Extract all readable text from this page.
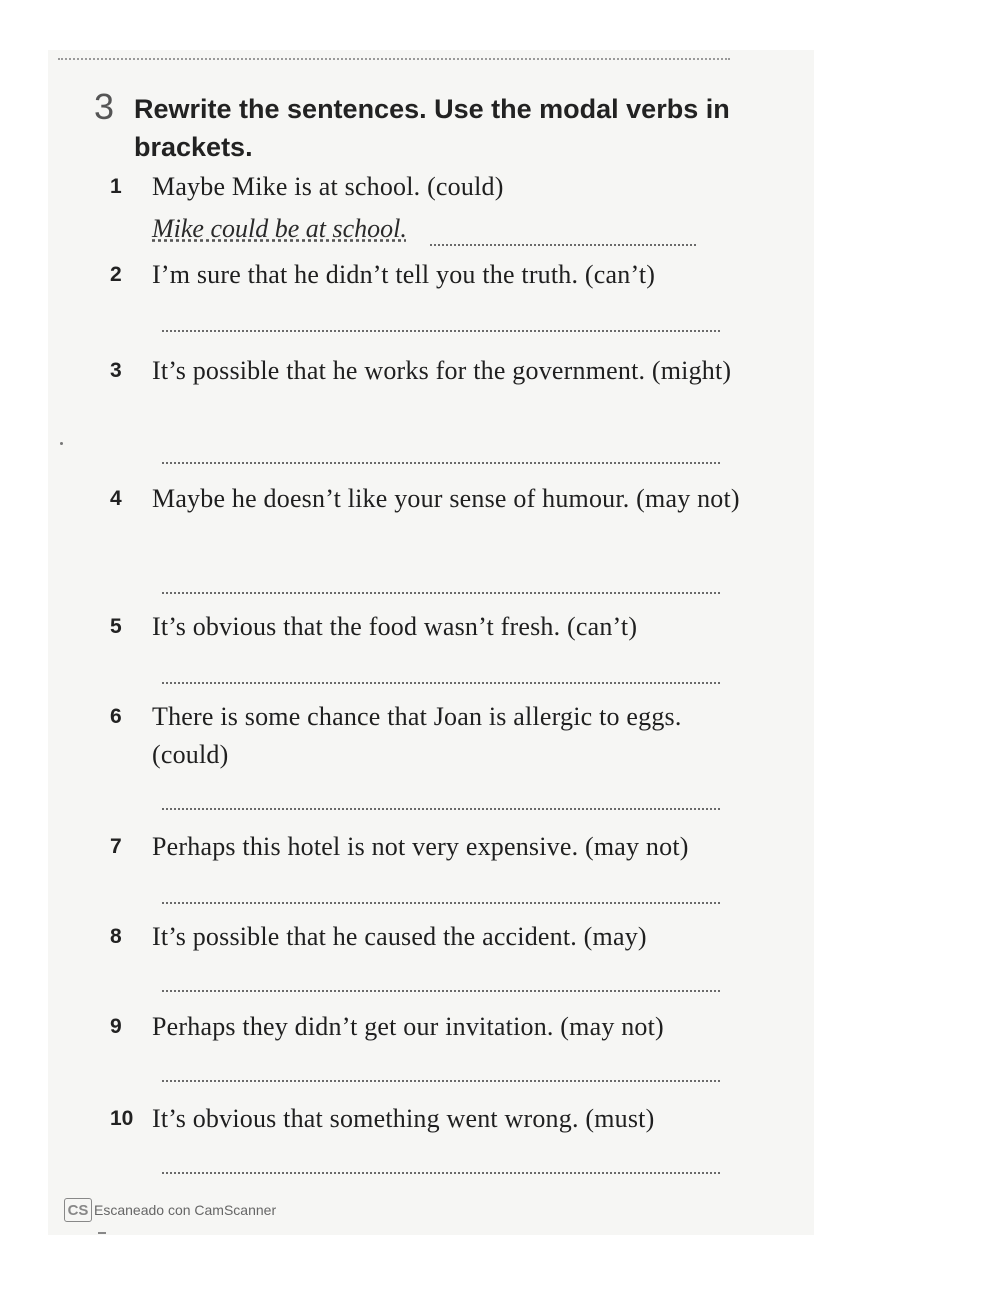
3 Rewrite the sentences. Use the modal verbs in brackets.
1	Maybe Mike is at school. (could)
Mike could be at school.
2	I’m sure that he didn’t tell you the truth. (can’t)
3	It’s possible that he works for the government. (might)
4	Maybe he doesn’t like your sense of humour. (may not)
5	It’s obvious that the food wasn’t fresh. (can’t)
6	There is some chance that Joan is allergic to eggs. (could)
7	Perhaps this hotel is not very expensive. (may not)
8	It’s possible that he caused the accident. (may)
9	Perhaps they didn’t get our invitation. (may not)
10 It’s obvious that something went wrong. (must)
CS Escaneado con CamScanner
